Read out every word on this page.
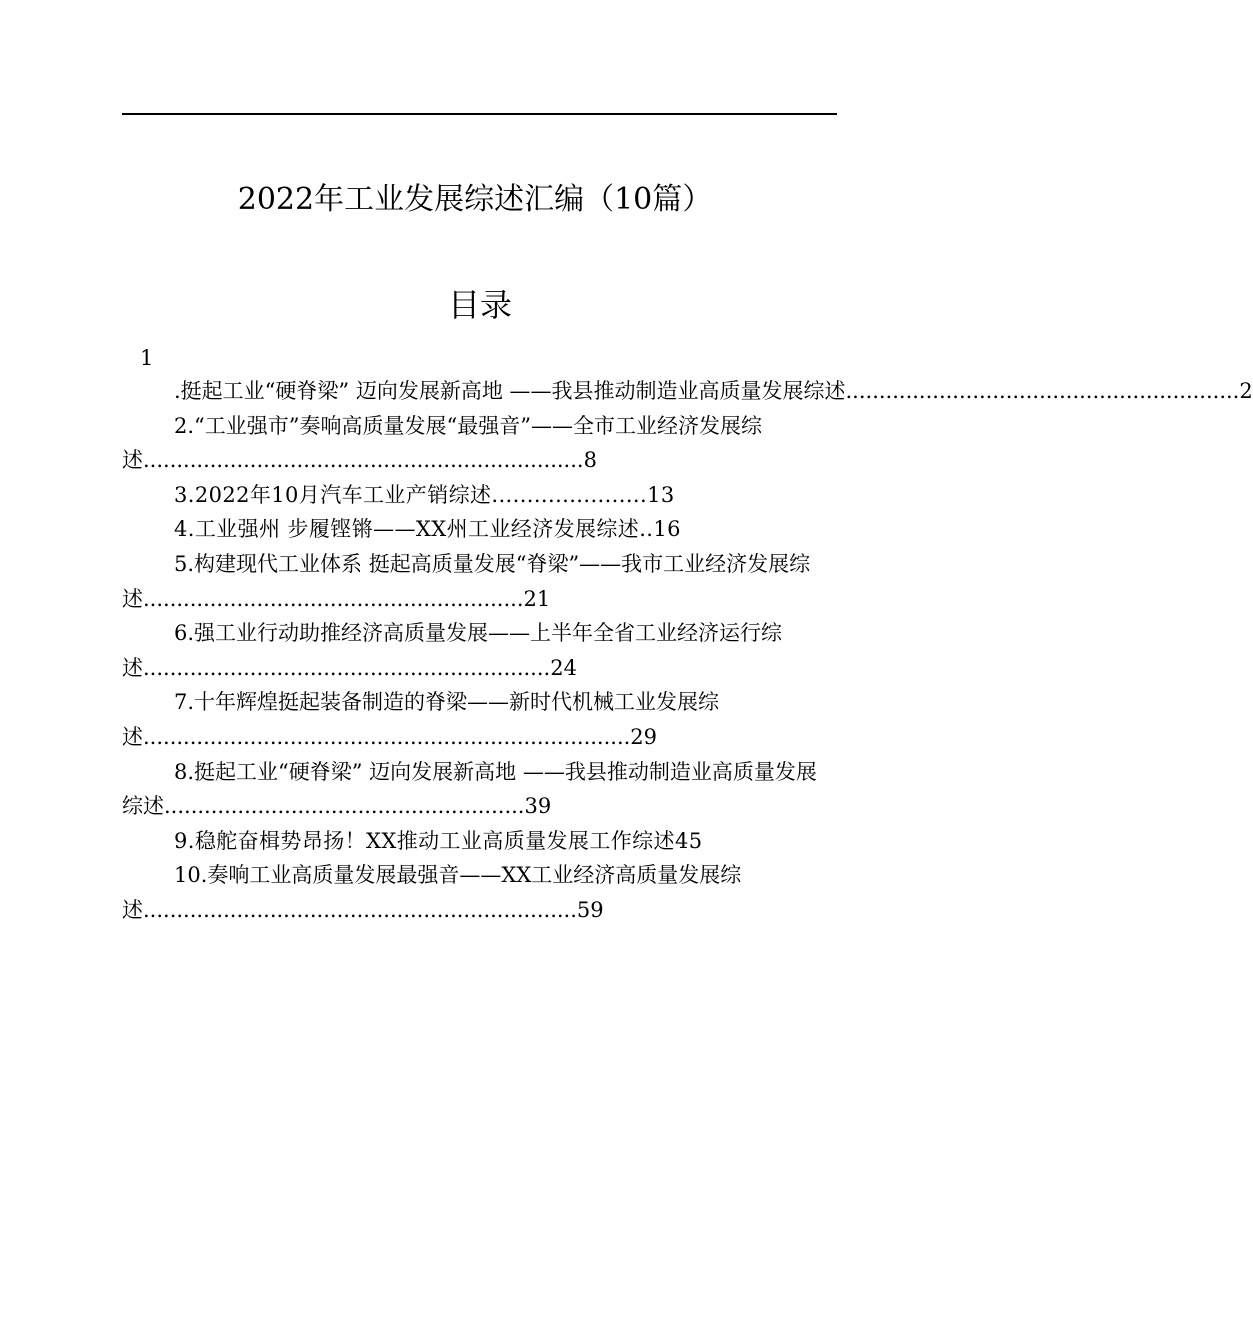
2022年工业发展综述汇编（10篇）
目录
1
.挺起工业“硬脊梁” 迈向发展新高地 ——我县推动制造业高质量发展综述...........................................................2
2.“工业强市”奏响高质量发展“最强音”——全市工业经济发展综述..................................................................8
3.2022年10月汽车工业产销综述......................13
4.工业强州 步履铿锵——XX州工业经济发展综述..16
5.构建现代工业体系 挺起高质量发展“脊梁”——我市工业经济发展综述.........................................................21
6.强工业行动助推经济高质量发展——上半年全省工业经济运行综述.............................................................24
7.十年辉煌挺起装备制造的脊梁——新时代机械工业发展综述.........................................................................29
8.挺起工业“硬脊梁” 迈向发展新高地 ——我县推动制造业高质量发展综述......................................................39
9.稳舵奋楫势昂扬！XX推动工业高质量发展工作综述45
10.奏响工业高质量发展最强音——XX工业经济高质量发展综述.................................................................59
